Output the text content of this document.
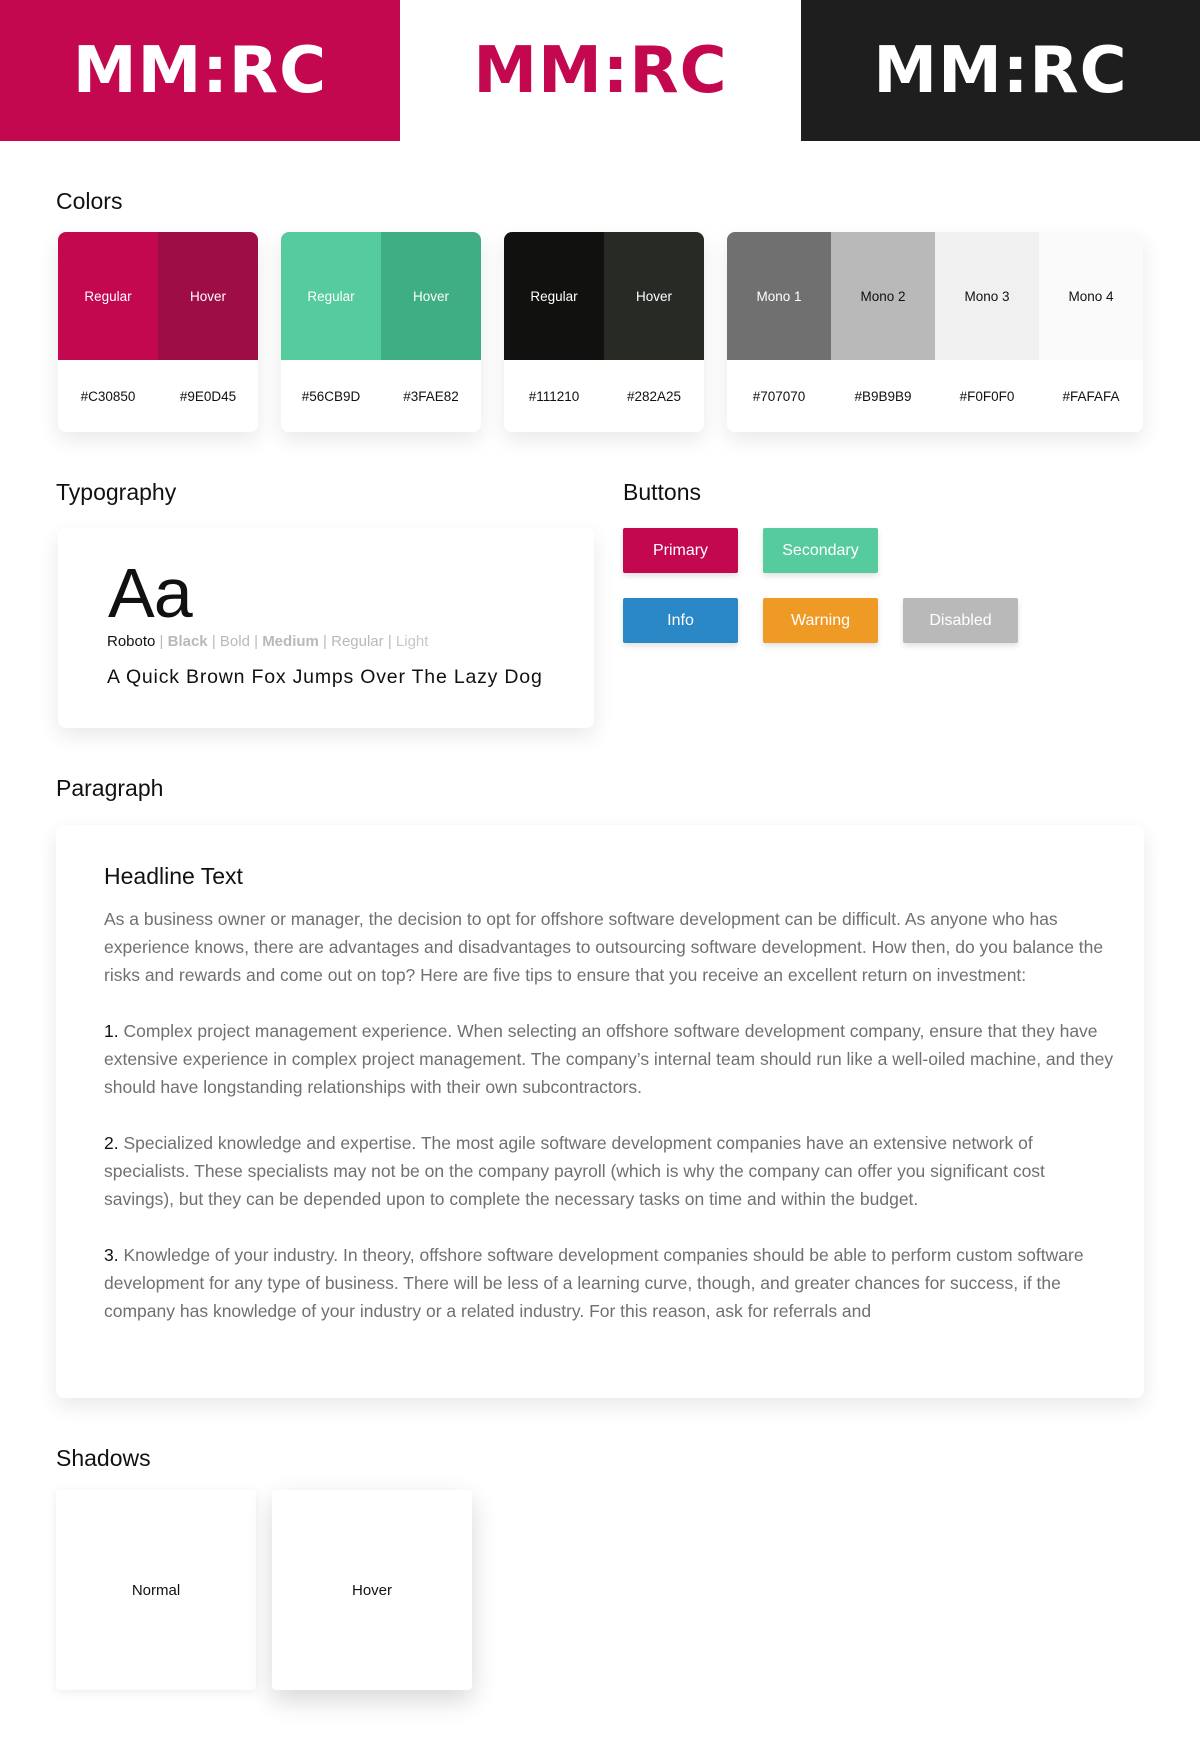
MM:RC MM:RC MM:RC
Colors
Regular	Hover
#C30850	#9E0D45
Regular	Hover
#56CB9D	#3FAE82
Regular	Hover
#111210	#282A25
Mono 1	Mono 2	Mono 3	Mono 4
#707070	#B9B9B9	#F0F0F0	#FAFAFA
Typography
Aa
Roboto | Black | Bold | Medium | Regular | Light
A Quick Brown Fox Jumps Over The Lazy Dog
Buttons
Primary	Secondary
Info	Warning	Disabled
Paragraph
Headline Text

As a business owner or manager, the decision to opt for offshore software development can be difficult. As anyone who has experience knows, there are advantages and disadvantages to outsourcing software development. How then, do you balance the risks and rewards and come out on top? Here are five tips to ensure that you receive an excellent return on investment:

1. Complex project management experience. When selecting an offshore software development company, ensure that they have extensive experience in complex project management. The company’s internal team should run like a well-oiled machine, and they should have longstanding relationships with their own subcontractors.

2. Specialized knowledge and expertise. The most agile software development companies have an extensive network of specialists. These specialists may not be on the company payroll (which is why the company can offer you significant cost savings), but they can be depended upon to complete the necessary tasks on time and within the budget.

3. Knowledge of your industry. In theory, offshore software development companies should be able to perform custom software development for any type of business. There will be less of a learning curve, though, and greater chances for success, if the company has knowledge of your industry or a related industry. For this reason, ask for referrals and

Shadows
Normal	Hover
